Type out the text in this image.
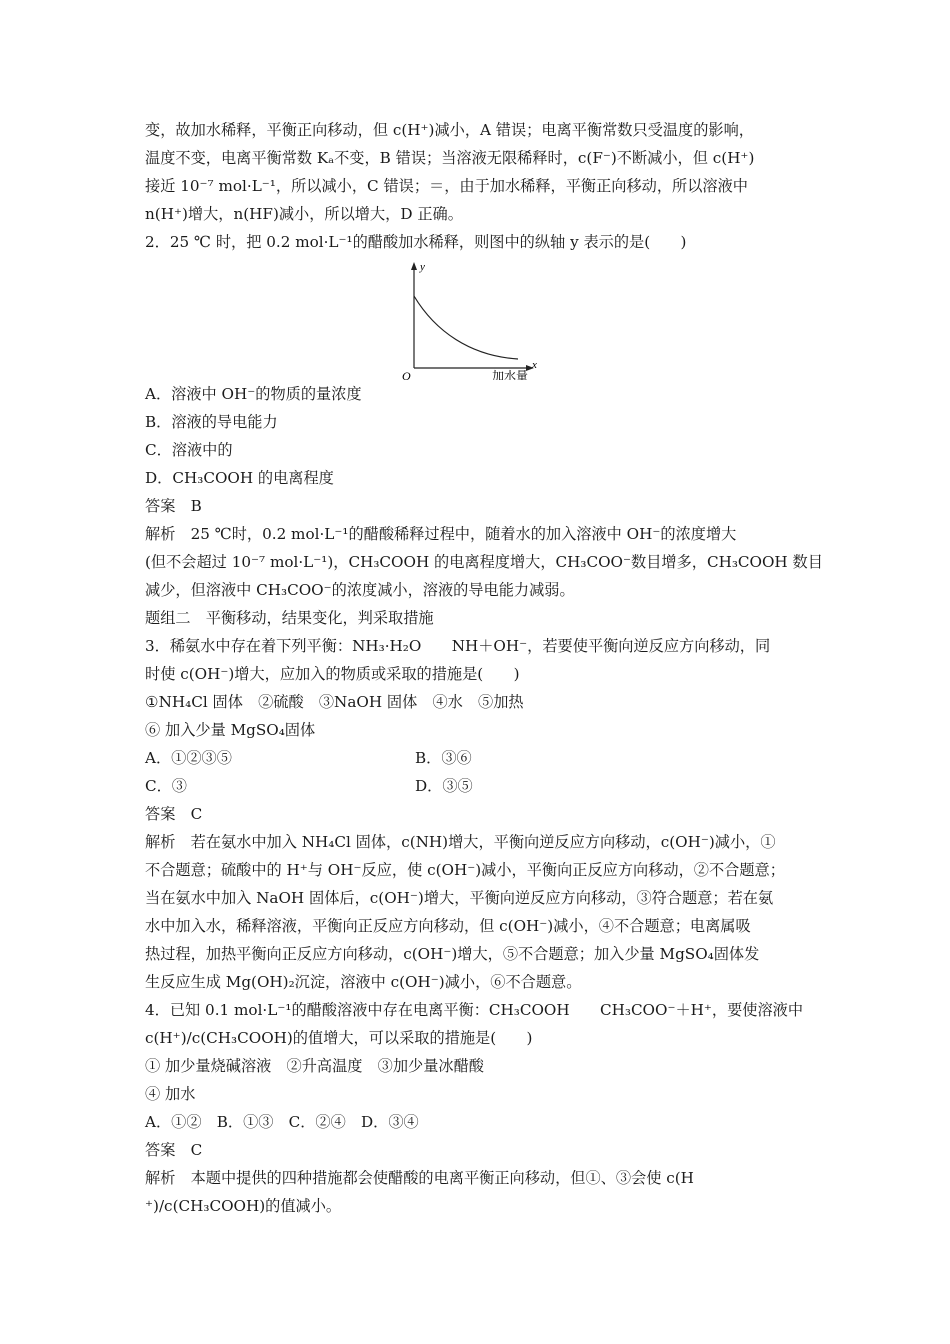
变，故加水稀释，平衡正向移动，但 c(H⁺)减小，A 错误；电离平衡常数只受温度的影响，
温度不变，电离平衡常数 Kₐ不变，B 错误；当溶液无限稀释时，c(F⁻)不断减小，但 c(H⁺)
接近 10⁻⁷ mol·L⁻¹，所以减小，C 错误；＝，由于加水稀释，平衡正向移动，所以溶液中
n(H⁺)增大，n(HF)减小，所以增大，D 正确。
2．25 ℃ 时，把 0.2 mol·L⁻¹的醋酸加水稀释，则图中的纵轴 y 表示的是(　　)
y
x
O	加水量
A．溶液中 OH⁻的物质的量浓度
B．溶液的导电能力
C．溶液中的
D．CH₃COOH 的电离程度
答案　B
解析　25 ℃时，0.2 mol·L⁻¹的醋酸稀释过程中，随着水的加入溶液中 OH⁻的浓度增大
(但不会超过 10⁻⁷ mol·L⁻¹)，CH₃COOH 的电离程度增大，CH₃COO⁻数目增多，CH₃COOH 数目
减少，但溶液中 CH₃COO⁻的浓度减小，溶液的导电能力减弱。
题组二　平衡移动，结果变化，判采取措施
3．稀氨水中存在着下列平衡：NH₃·H₂O　　NH＋OH⁻，若要使平衡向逆反应方向移动，同
时使 c(OH⁻)增大，应加入的物质或采取的措施是(　　)
①NH₄Cl 固体　②硫酸　③NaOH 固体　④水　⑤加热
⑥ 加入少量 MgSO₄固体
A．①②③⑤	B．③⑥
C．③	D．③⑤
答案　C
解析　若在氨水中加入 NH₄Cl 固体，c(NH)增大，平衡向逆反应方向移动，c(OH⁻)减小，①
不合题意；硫酸中的 H⁺与 OH⁻反应，使 c(OH⁻)减小，平衡向正反应方向移动，②不合题意；
当在氨水中加入 NaOH 固体后，c(OH⁻)增大，平衡向逆反应方向移动，③符合题意；若在氨
水中加入水，稀释溶液，平衡向正反应方向移动，但 c(OH⁻)减小，④不合题意；电离属吸
热过程，加热平衡向正反应方向移动，c(OH⁻)增大，⑤不合题意；加入少量 MgSO₄固体发
生反应生成 Mg(OH)₂沉淀，溶液中 c(OH⁻)减小，⑥不合题意。
4．已知 0.1 mol·L⁻¹的醋酸溶液中存在电离平衡：CH₃COOH　　CH₃COO⁻＋H⁺，要使溶液中
c(H⁺)/c(CH₃COOH)的值增大，可以采取的措施是(　　)
① 加少量烧碱溶液　②升高温度　③加少量冰醋酸
④ 加水
A．①②　B．①③　C．②④　D．③④
答案　C
解析　本题中提供的四种措施都会使醋酸的电离平衡正向移动，但①、③会使 c(H
⁺)/c(CH₃COOH)的值减小。
